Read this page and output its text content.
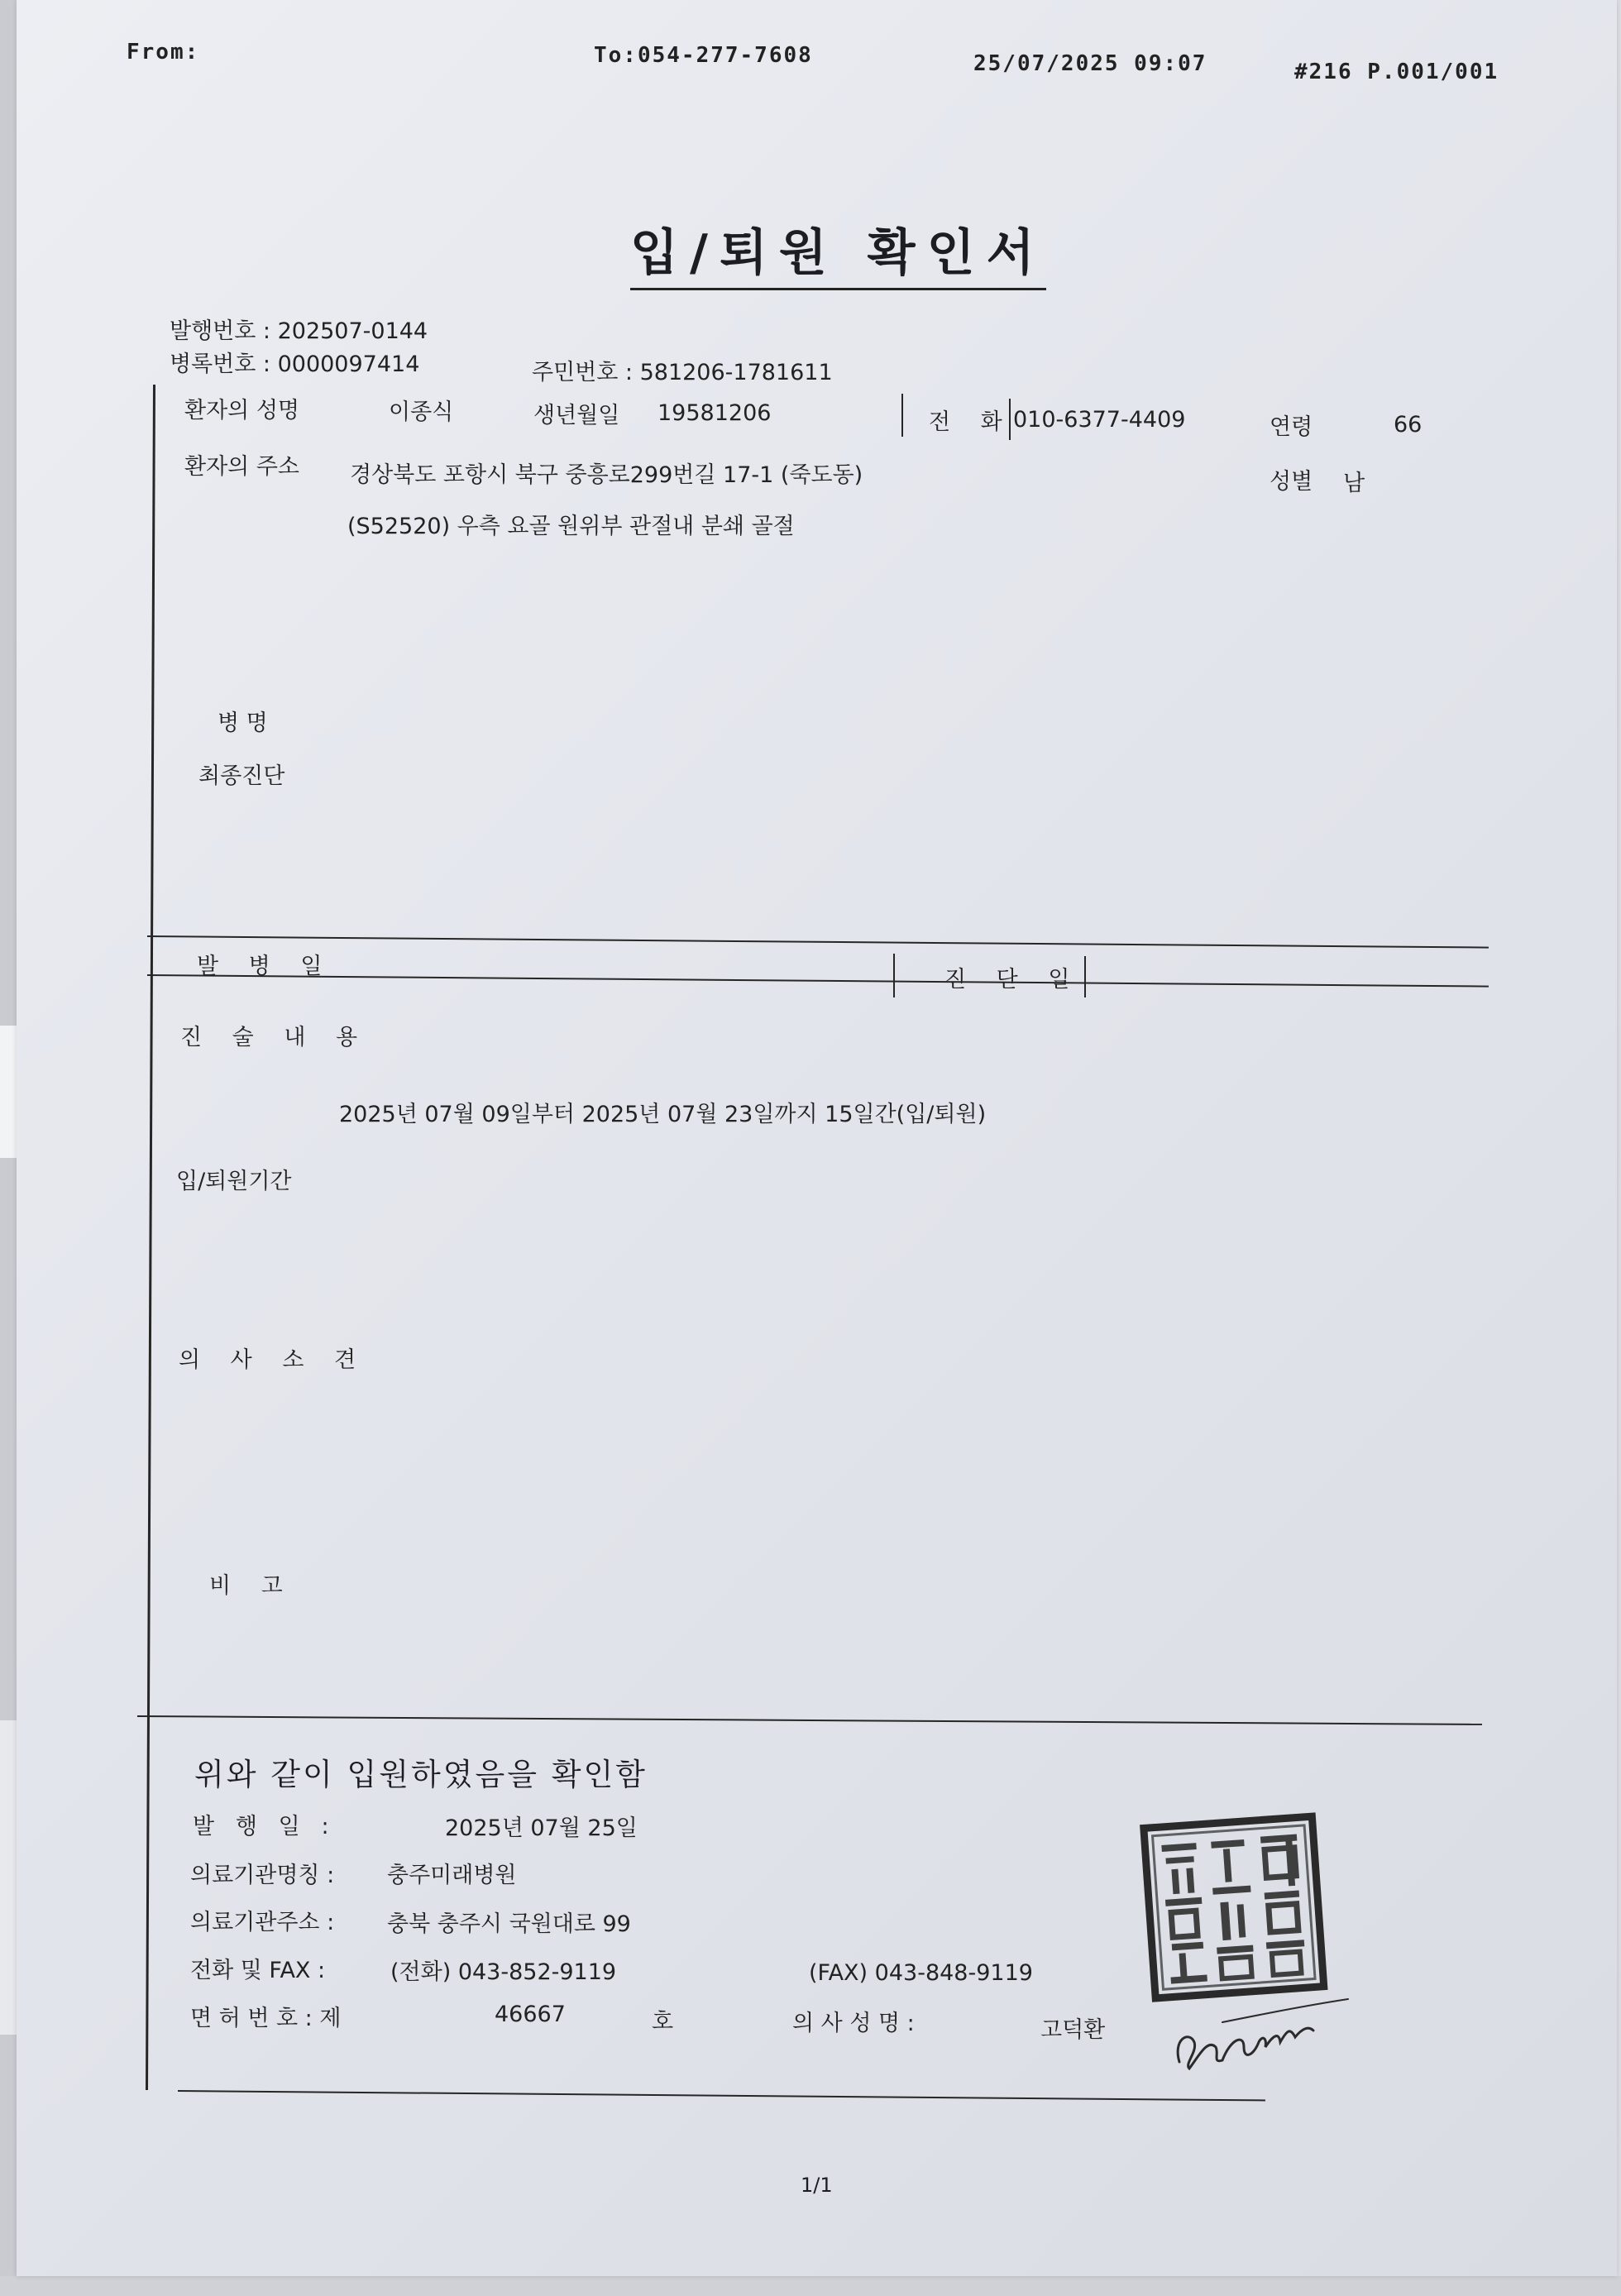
From:	To:054-277-7608	25/07/2025 09:07	#216 P.001/001
입/퇴원 확인서
발행번호 : 202507-0144
병록번호 : 0000097414	주민번호 : 581206-1781611
환자의 성명	이종식	생년월일 19581206	전 화 010-6377-4409	연령	66
환자의 주소 경상북도 포항시 북구 중흥로299번길 17-1 (죽도동)	성별 남
(S52520) 우측 요골 원위부 관절내 분쇄 골절
병 명
최종진단
발 병 일
진 단 일
진 술 내 용
2025년 07월 09일부터 2025년 07월 23일까지 15일간(입/퇴원)
입/퇴원기간
의 사 소 견
비 고
위와 같이 입원하였음을 확인함
발   행   일   :	2025년 07월 25일
의료기관명칭 : 충주미래병원
의료기관주소 : 충북 충주시 국원대로 99
전화 및 FAX :	(전화) 043-852-9119	(FAX) 043-848-9119
면 허 번 호 : 제	46667	호	의 사 성 명 :	고덕환
1/1
